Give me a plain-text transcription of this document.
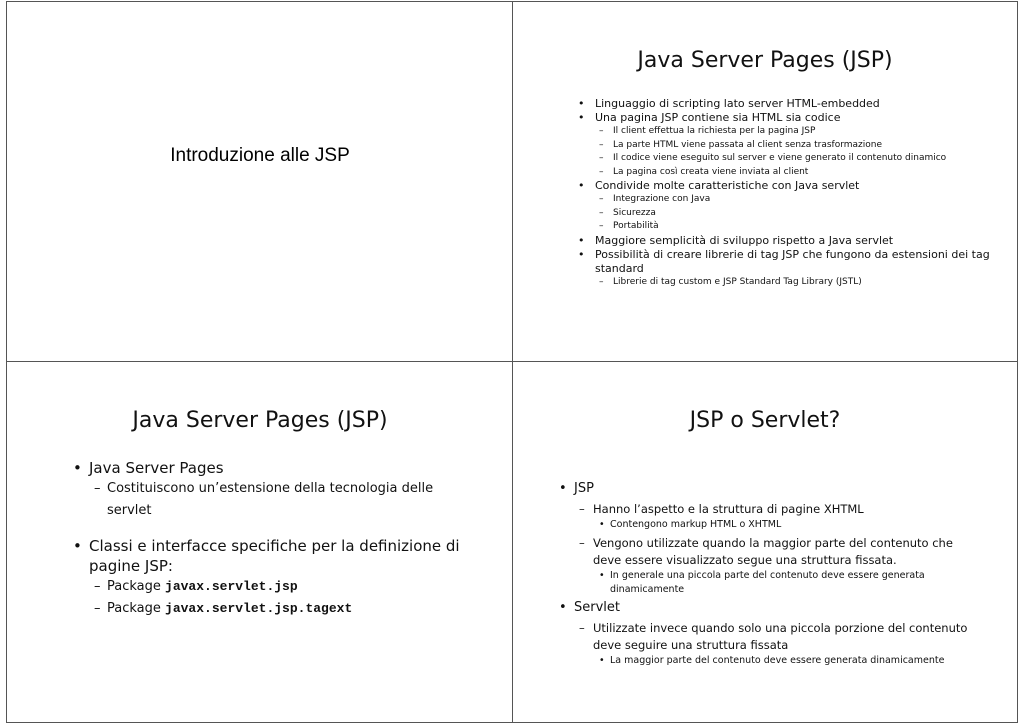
Introduzione alle JSP
Java Server Pages (JSP)
• Linguaggio di scripting lato server HTML-embedded
• Una pagina JSP contiene sia HTML sia codice
– Il client effettua la richiesta per la pagina JSP
– La parte HTML viene passata al client senza trasformazione
– Il codice viene eseguito sul server e viene generato il contenuto dinamico
– La pagina così creata viene inviata al client
• Condivide molte caratteristiche con Java servlet
– Integrazione con Java
– Sicurezza
– Portabilità
• Maggiore semplicità di sviluppo rispetto a Java servlet
• Possibilità di creare librerie di tag JSP che fungono da estensioni dei tag standard
– Librerie di tag custom e JSP Standard Tag Library (JSTL)
Java Server Pages (JSP)
• Java Server Pages
– Costituiscono un’estensione della tecnologia delle servlet
• Classi e interfacce specifiche per la definizione di pagine JSP:
– Package javax.servlet.jsp
– Package javax.servlet.jsp.tagext
JSP o Servlet?
• JSP
– Hanno l’aspetto e la struttura di pagine XHTML
• Contengono markup HTML o XHTML
– Vengono utilizzate quando la maggior parte del contenuto che deve essere visualizzato segue una struttura fissata.
• In generale una piccola parte del contenuto deve essere generata dinamicamente
• Servlet
– Utilizzate invece quando solo una piccola porzione del contenuto deve seguire una struttura fissata
• La maggior parte del contenuto deve essere generata dinamicamente
